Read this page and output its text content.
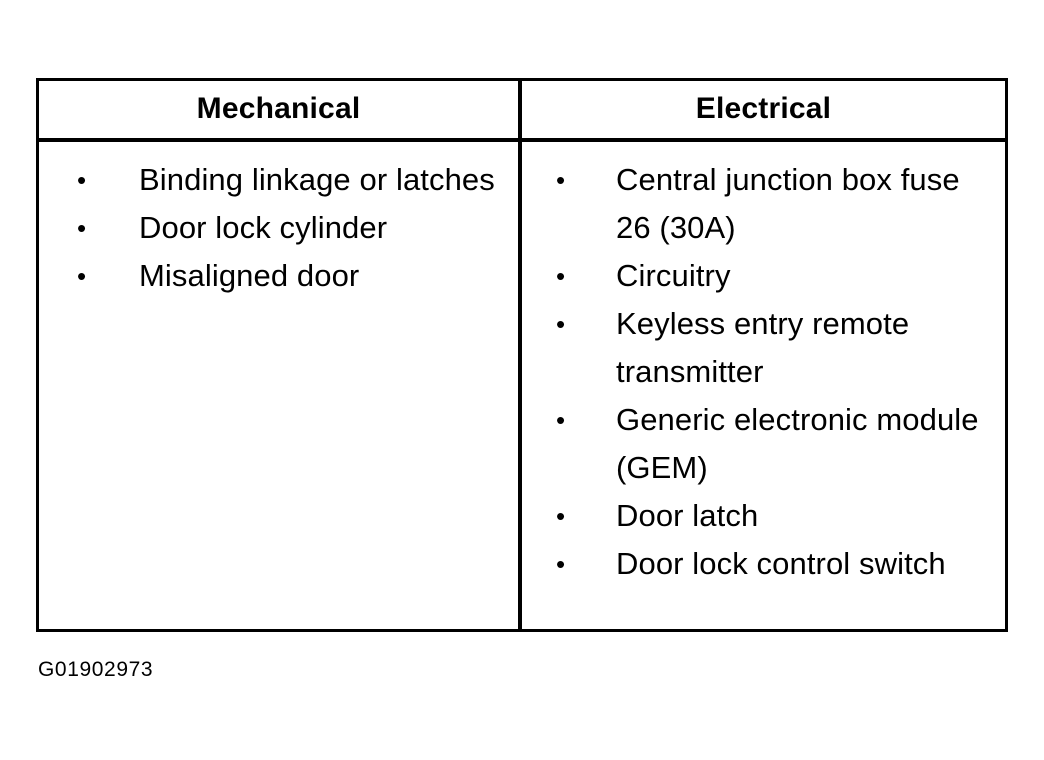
Mechanical	Electrical
• Binding linkage or latches
• Door lock cylinder
• Misaligned door
• Central junction box fuse 26 (30A)
• Circuitry
• Keyless entry remote transmitter
• Generic electronic module (GEM)
• Door latch
• Door lock control switch
G01902973
